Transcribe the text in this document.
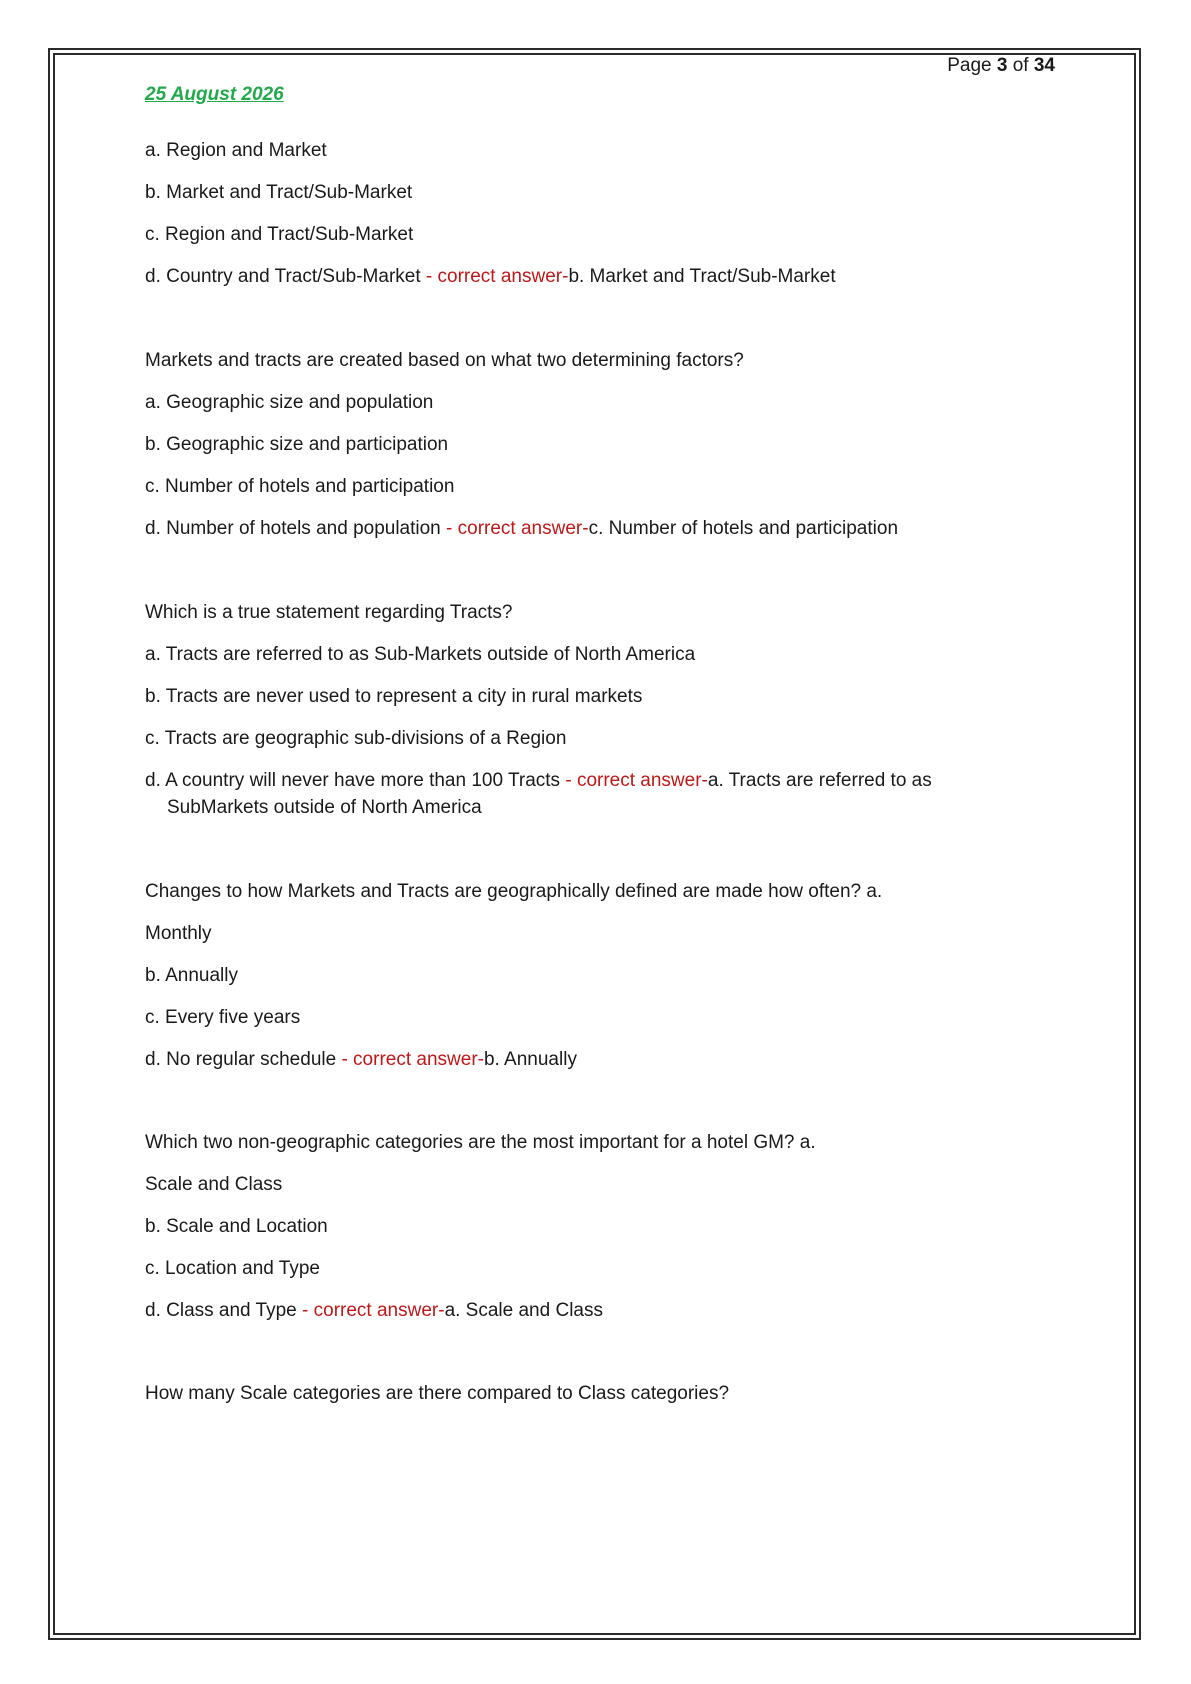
Page 3 of 34
25 August 2026
a. Region and Market
b. Market and Tract/Sub-Market
c. Region and Tract/Sub-Market
d. Country and Tract/Sub-Market - correct answer-b. Market and Tract/Sub-Market
Markets and tracts are created based on what two determining factors?
a. Geographic size and population
b. Geographic size and participation
c. Number of hotels and participation
d. Number of hotels and population - correct answer-c. Number of hotels and participation
Which is a true statement regarding Tracts?
a. Tracts are referred to as Sub-Markets outside of North America
b. Tracts are never used to represent a city in rural markets
c. Tracts are geographic sub-divisions of a Region
d. A country will never have more than 100 Tracts - correct answer-a. Tracts are referred to as
SubMarkets outside of North America
Changes to how Markets and Tracts are geographically defined are made how often? a.
Monthly
b. Annually
c. Every five years
d. No regular schedule - correct answer-b. Annually
Which two non-geographic categories are the most important for a hotel GM? a.
Scale and Class
b. Scale and Location
c. Location and Type
d. Class and Type - correct answer-a. Scale and Class
How many Scale categories are there compared to Class categories?
